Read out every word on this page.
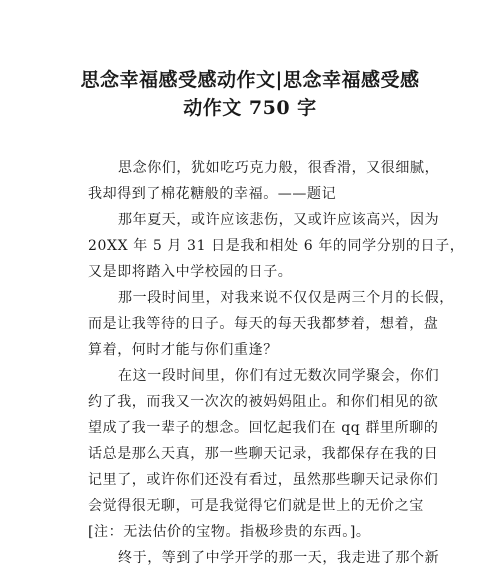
思念幸福感受感动作文|思念幸福感受感
动作文 750 字

思念你们，犹如吃巧克力般，很香滑，又很细腻，

我却得到了棉花糖般的幸福。——题记

那年夏天，或许应该悲伤，又或许应该高兴，因为

20XX 年 5 月 31 日是我和相处 6 年的同学分别的日子，

又是即将踏入中学校园的日子。

那一段时间里，对我来说不仅仅是两三个月的长假，

而是让我等待的日子。每天的每天我都梦着，想着，盘

算着，何时才能与你们重逢？

在这一段时间里，你们有过无数次同学聚会，你们

约了我，而我又一次次的被妈妈阻止。和你们相见的欲

望成了我一辈子的想念。回忆起我们在 qq 群里所聊的

话总是那么天真，那一些聊天记录，我都保存在我的日

记里了，或许你们还没有看过，虽然那些聊天记录你们

会觉得很无聊，可是我觉得它们就是世上的无价之宝

[注：无法估价的宝物。指极珍贵的东西。]。

终于，等到了中学开学的那一天，我走进了那个新
